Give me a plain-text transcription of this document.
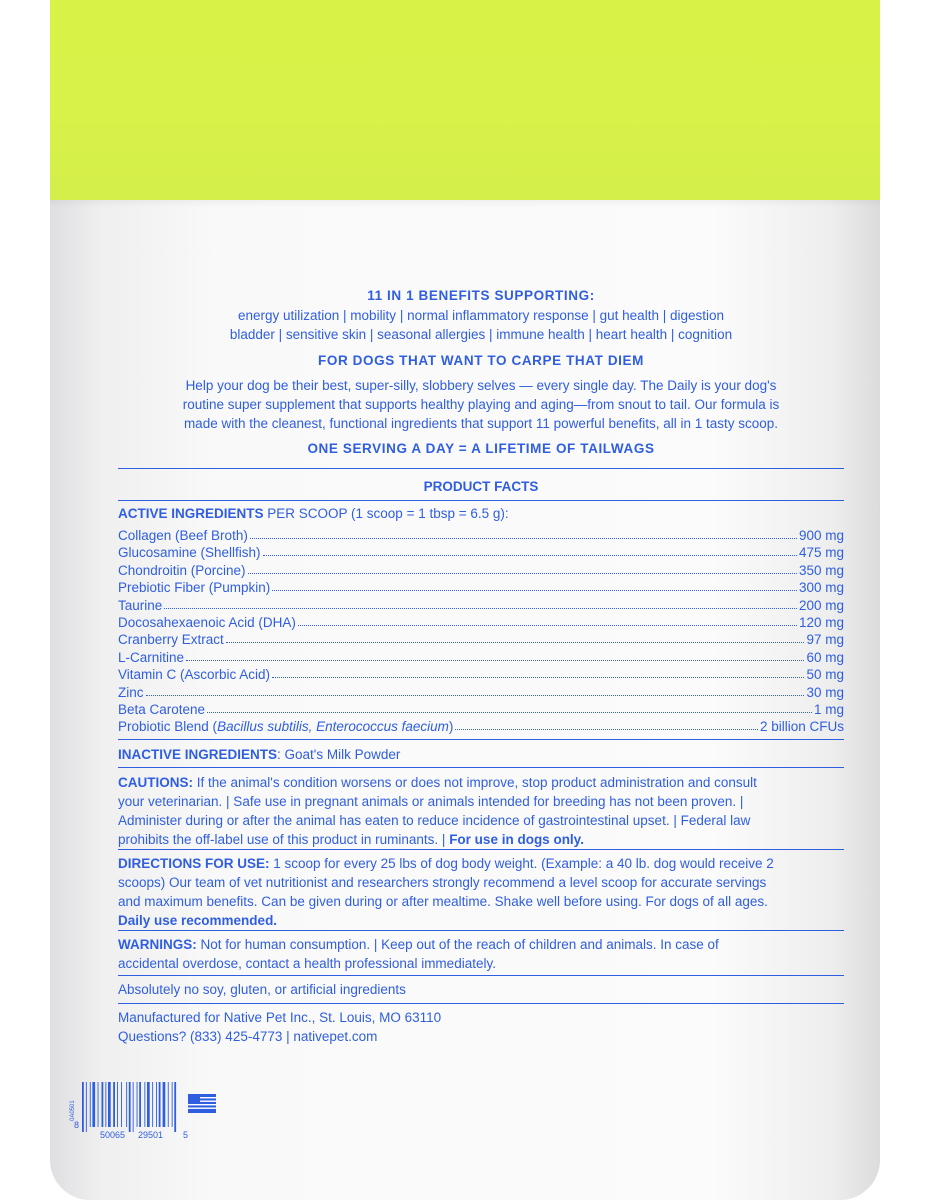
11 IN 1 BENEFITS SUPPORTING:
energy utilization | mobility | normal inflammatory response | gut health | digestion
bladder | sensitive skin | seasonal allergies | immune health | heart health | cognition
FOR DOGS THAT WANT TO CARPE THAT DIEM
Help your dog be their best, super-silly, slobbery selves — every single day. The Daily is your dog's
routine super supplement that supports healthy playing and aging—from snout to tail. Our formula is
made with the cleanest, functional ingredients that support 11 powerful benefits, all in 1 tasty scoop.
ONE SERVING A DAY = A LIFETIME OF TAILWAGS
PRODUCT FACTS
ACTIVE INGREDIENTS PER SCOOP (1 scoop = 1 tbsp = 6.5 g):
Collagen (Beef Broth)	900 mg
Glucosamine (Shellfish)	475 mg
Chondroitin (Porcine)	350 mg
Prebiotic Fiber (Pumpkin)	300 mg
Taurine	200 mg
Docosahexaenoic Acid (DHA)	120 mg
Cranberry Extract	97 mg
L-Carnitine	60 mg
Vitamin C (Ascorbic Acid)	50 mg
Zinc	30 mg
Beta Carotene	1 mg
Probiotic Blend (Bacillus subtilis, Enterococcus faecium)	2 billion CFUs
INACTIVE INGREDIENTS: Goat's Milk Powder
CAUTIONS: If the animal's condition worsens or does not improve, stop product administration and consult
your veterinarian. | Safe use in pregnant animals or animals intended for breeding has not been proven. |
Administer during or after the animal has eaten to reduce incidence of gastrointestinal upset. | Federal law
prohibits the off-label use of this product in ruminants. | For use in dogs only.
DIRECTIONS FOR USE: 1 scoop for every 25 lbs of dog body weight. (Example: a 40 lb. dog would receive 2
scoops) Our team of vet nutritionist and researchers strongly recommend a level scoop for accurate servings
and maximum benefits. Can be given during or after mealtime. Shake well before using. For dogs of all ages.
Daily use recommended.
WARNINGS: Not for human consumption. | Keep out of the reach of children and animals. In case of
accidental overdose, contact a health professional immediately.
Absolutely no soy, gluten, or artificial ingredients
Manufactured for Native Pet Inc., St. Louis, MO 63110
Questions? (833) 425-4773 | nativepet.com
8
50065 29501 5
0A0501
